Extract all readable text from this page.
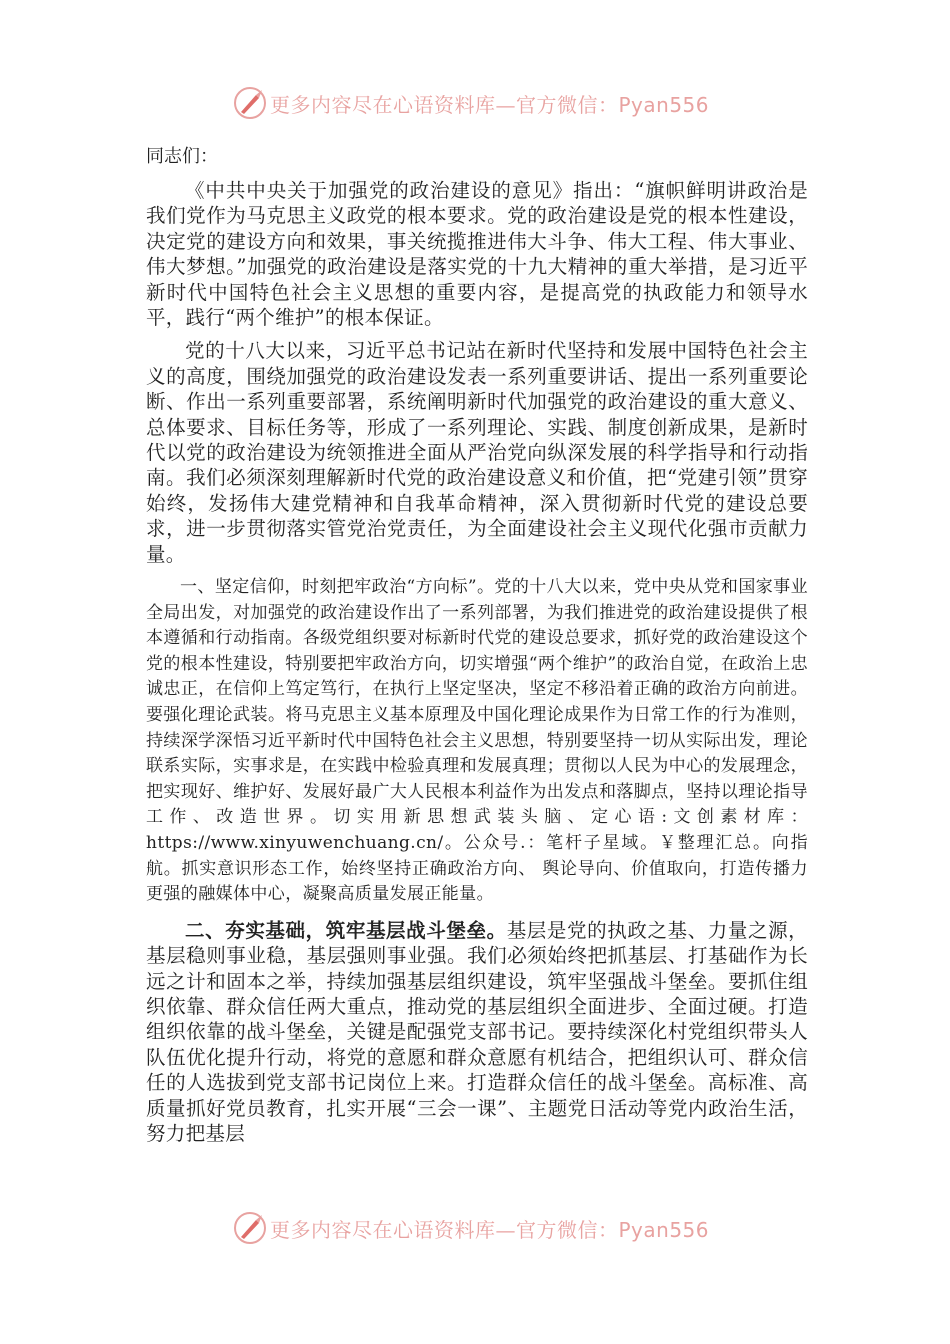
更多内容尽在心语资料库—官方微信：Pyan556

同志们：

《中共中央关于加强党的政治建设的意见》指出：“旗帜鲜明讲政治是我们党作为马克思主义政党的根本要求。党的政治建设是党的根本性建设，决定党的建设方向和效果，事关统揽推进伟大斗争、伟大工程、伟大事业、伟大梦想。”加强党的政治建设是落实党的十九大精神的重大举措，是习近平新时代中国特色社会主义思想的重要内容，是提高党的执政能力和领导水平，践行“两个维护”的根本保证。

党的十八大以来，习近平总书记站在新时代坚持和发展中国特色社会主义的高度，围绕加强党的政治建设发表一系列重要讲话、提出一系列重要论断、作出一系列重要部署，系统阐明新时代加强党的政治建设的重大意义、总体要求、目标任务等，形成了一系列理论、实践、制度创新成果，是新时代以党的政治建设为统领推进全面从严治党向纵深发展的科学指导和行动指南。我们必须深刻理解新时代党的政治建设意义和价值，把“党建引领”贯穿始终，发扬伟大建党精神和自我革命精神，深入贯彻新时代党的建设总要求，进一步贯彻落实管党治党责任，为全面建设社会主义现代化强市贡献力量。

一、坚定信仰，时刻把牢政治“方向标”。党的十八大以来，党中央从党和国家事业全局出发，对加强党的政治建设作出了一系列部署，为我们推进党的政治建设提供了根本遵循和行动指南。各级党组织要对标新时代党的建设总要求，抓好党的政治建设这个党的根本性建设，特别要把牢政治方向，切实增强“两个维护”的政治自觉，在政治上忠诚忠正，在信仰上笃定笃行，在执行上坚定坚决，坚定不移沿着正确的政治方向前进。要强化理论武装。将马克思主义基本原理及中国化理论成果作为日常工作的行为准则，持续深学深悟习近平新时代中国特色社会主义思想，特别要坚持一切从实际出发，理论联系实际，实事求是，在实践中检验真理和发展真理；贯彻以人民为中心的发展理念，把实现好、维护好、发展好最广大人民根本利益作为出发点和落脚点，坚持以理论指导工作、改造世界。切实用新思想武装头脑、定心语:文创素材库：https://www.xinyuwenchuang.cn/。公众号.：笔杆子星域。￥整理汇总。向指航。抓实意识形态工作，始终坚持正确政治方向、 舆论导向、价值取向，打造传播力更强的融媒体中心，凝聚高质量发展正能量。

二、夯实基础，筑牢基层战斗堡垒。基层是党的执政之基、力量之源，基层稳则事业稳，基层强则事业强。我们必须始终把抓基层、打基础作为长远之计和固本之举，持续加强基层组织建设，筑牢坚强战斗堡垒。要抓住组织依靠、群众信任两大重点，推动党的基层组织全面进步、全面过硬。打造组织依靠的战斗堡垒，关键是配强党支部书记。要持续深化村党组织带头人队伍优化提升行动，将党的意愿和群众意愿有机结合，把组织认可、群众信任的人选拔到党支部书记岗位上来。打造群众信任的战斗堡垒。高标准、高质量抓好党员教育，扎实开展“三会一课”、主题党日活动等党内政治生活，努力把基层

更多内容尽在心语资料库—官方微信：Pyan556
